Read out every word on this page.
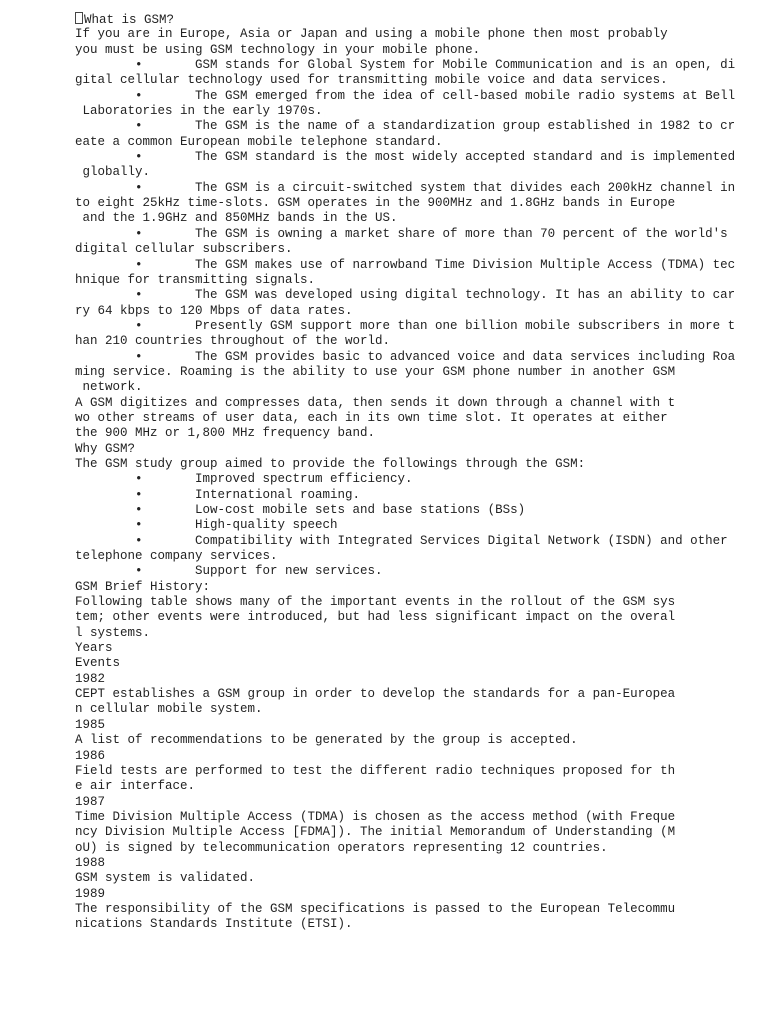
What is GSM?
If you are in Europe, Asia or Japan and using a mobile phone then most probably
you must be using GSM technology in your mobile phone.
•       GSM stands for Global System for Mobile Communication and is an open, di
gital cellular technology used for transmitting mobile voice and data services.
•       The GSM emerged from the idea of cell-based mobile radio systems at Bell
Laboratories in the early 1970s.
•       The GSM is the name of a standardization group established in 1982 to cr
eate a common European mobile telephone standard.
•       The GSM standard is the most widely accepted standard and is implemented
globally.
•       The GSM is a circuit-switched system that divides each 200kHz channel in
to eight 25kHz time-slots. GSM operates in the 900MHz and 1.8GHz bands in Europe
and the 1.9GHz and 850MHz bands in the US.
•       The GSM is owning a market share of more than 70 percent of the world's
digital cellular subscribers.
•       The GSM makes use of narrowband Time Division Multiple Access (TDMA) tec
hnique for transmitting signals.
•       The GSM was developed using digital technology. It has an ability to car
ry 64 kbps to 120 Mbps of data rates.
•       Presently GSM support more than one billion mobile subscribers in more t
han 210 countries throughout of the world.
•       The GSM provides basic to advanced voice and data services including Roa
ming service. Roaming is the ability to use your GSM phone number in another GSM
network.
A GSM digitizes and compresses data, then sends it down through a channel with t
wo other streams of user data, each in its own time slot. It operates at either
the 900 MHz or 1,800 MHz frequency band.
Why GSM?
The GSM study group aimed to provide the followings through the GSM:
•       Improved spectrum efficiency.
•       International roaming.
•       Low-cost mobile sets and base stations (BSs)
•       High-quality speech
•       Compatibility with Integrated Services Digital Network (ISDN) and other
telephone company services.
•       Support for new services.
GSM Brief History:
Following table shows many of the important events in the rollout of the GSM sys
tem; other events were introduced, but had less significant impact on the overal
l systems.
Years
Events
1982
CEPT establishes a GSM group in order to develop the standards for a pan-Europea
n cellular mobile system.
1985
A list of recommendations to be generated by the group is accepted.
1986
Field tests are performed to test the different radio techniques proposed for th
e air interface.
1987
Time Division Multiple Access (TDMA) is chosen as the access method (with Freque
ncy Division Multiple Access [FDMA]). The initial Memorandum of Understanding (M
oU) is signed by telecommunication operators representing 12 countries.
1988
GSM system is validated.
1989
The responsibility of the GSM specifications is passed to the European Telecommu
nications Standards Institute (ETSI).
